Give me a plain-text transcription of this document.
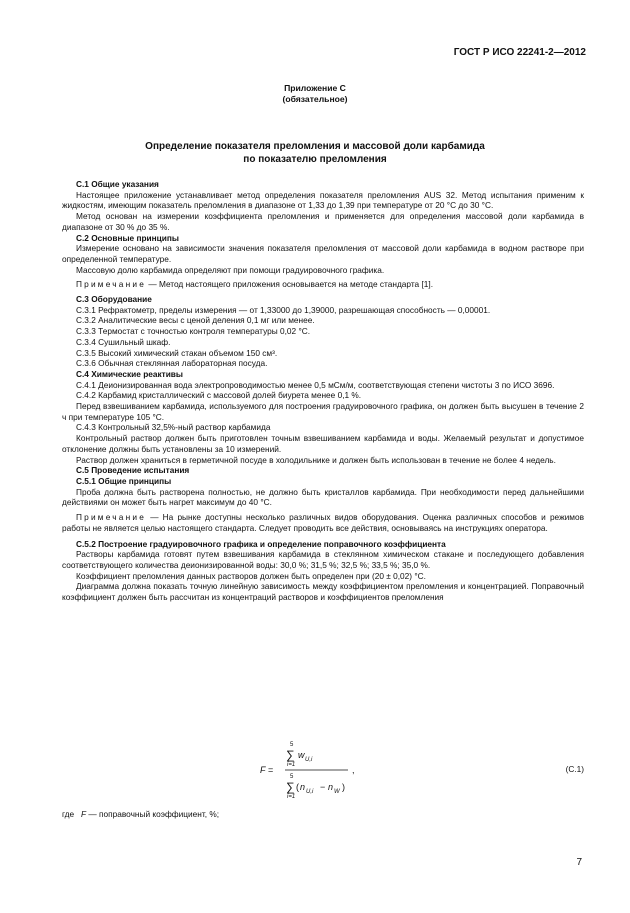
ГОСТ Р ИСО 22241-2—2012
Приложение С
(обязательное)
Определение показателя преломления и массовой доли карбамида
по показателю преломления

С.1 Общие указания

Настоящее приложение устанавливает метод определения показателя преломления AUS 32. Метод испытания применим к жидкостям, имеющим показатель преломления в диапазоне от 1,33 до 1,39 при температуре от 20 °С до 30 °С.

Метод основан на измерении коэффициента преломления и применяется для определения массовой доли карбамида в диапазоне от 30 % до 35 %.

С.2 Основные принципы

Измерение основано на зависимости значения показателя преломления от массовой доли карбамида в водном растворе при определенной температуре.

Массовую долю карбамида определяют при помощи градуировочного графика.

Примечание — Метод настоящего приложения основывается на методе стандарта [1].

С.3 Оборудование

С.3.1 Рефрактометр, пределы измерения — от 1,33000 до 1,39000, разрешающая способность — 0,00001.

С.3.2 Аналитические весы с ценой деления 0,1 мг или менее.

С.3.3 Термостат с точностью контроля температуры 0,02 °С.

С.3.4 Сушильный шкаф.

С.3.5 Высокий химический стакан объемом 150 см³.

С.3.6 Обычная стеклянная лабораторная посуда.

С.4 Химические реактивы

С.4.1 Деионизированная вода электропроводимостью менее 0,5 мСм/м, соответствующая степени чистоты 3 по ИСО 3696.

С.4.2 Карбамид кристаллический с массовой долей биурета менее 0,1 %.

Перед взвешиванием карбамида, используемого для построения градуировочного графика, он должен быть высушен в течение 2 ч при температуре 105 °С.

С.4.3 Контрольный 32,5%-ный раствор карбамида

Контрольный раствор должен быть приготовлен точным взвешиванием карбамида и воды. Желаемый результат и допустимое отклонение должны быть установлены за 10 измерений.

Раствор должен храниться в герметичной посуде в холодильнике и должен быть использован в течение не более 4 недель.

С.5 Проведение испытания

С.5.1 Общие принципы

Проба должна быть растворена полностью, не должно быть кристаллов карбамида. При необходимости перед дальнейшими действиями он может быть нагрет максимум до 40 °С.

Примечание — На рынке доступны несколько различных видов оборудования. Оценка различных способов и режимов работы не является целью настоящего стандарта. Следует проводить все действия, основываясь на инструкциях оператора.

С.5.2 Построение градуировочного графика и определение поправочного коэффициента

Растворы карбамида готовят путем взвешивания карбамида в стеклянном химическом стакане и последующего добавления соответствующего количества деионизированной воды: 30,0 %; 31,5 %; 32,5 %; 33,5 %; 35,0 %.

Коэффициент преломления данных растворов должен быть определен при (20 ± 0,02) °С.

Диаграмма должна показать точную линейную зависимость между коэффициентом преломления и концентрацией. Поправочный коэффициент должен быть рассчитан из концентраций растворов и коэффициентов преломления

F =
5
∑
i=1
w U,i
5
∑
i=1
( n U,i − n W )
,	(С.1)
где F — поправочный коэффициент, %;
7
